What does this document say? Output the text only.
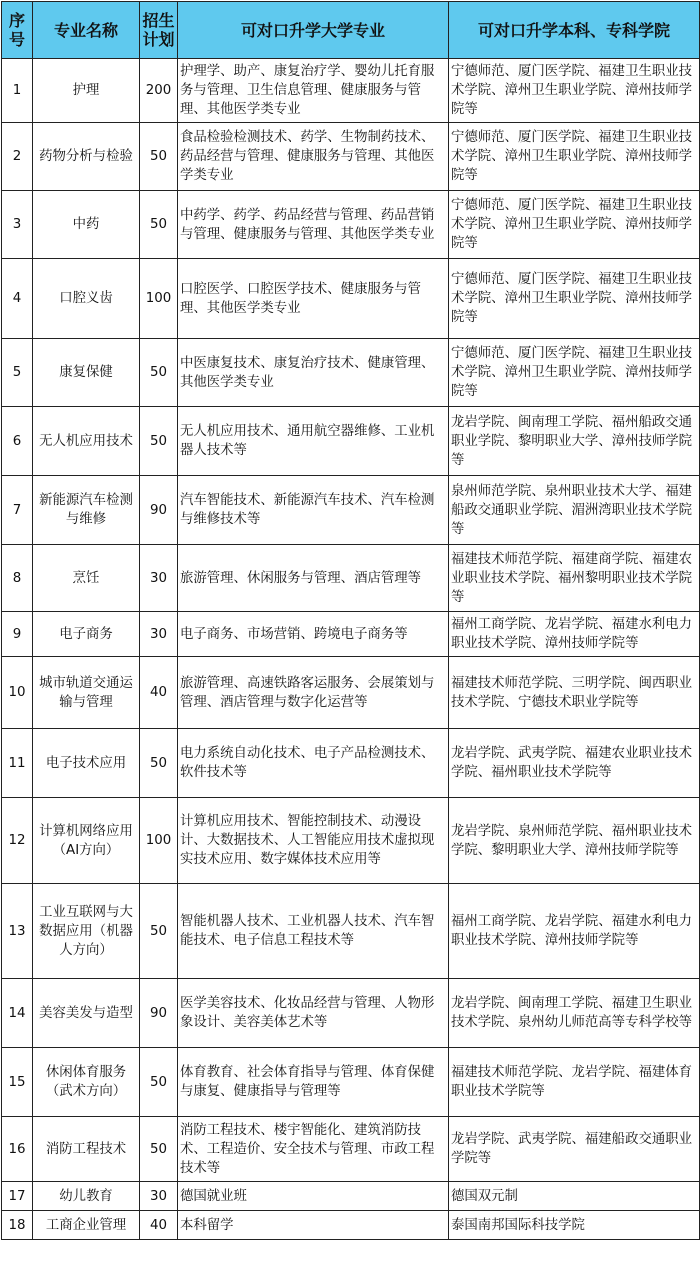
序号	专业名称	招生计划	可对口升学大学专业	可对口升学本科、专科学院
1	护理	200	护理学、助产、康复治疗学、婴幼儿托育服务与管理、卫生信息管理、健康服务与管理、其他医学类专业	宁德师范、厦门医学院、福建卫生职业技术学院、漳州卫生职业学院、漳州技师学院等
2	药物分析与检验	50	食品检验检测技术、药学、生物制药技术、药品经营与管理、健康服务与管理、其他医学类专业	宁德师范、厦门医学院、福建卫生职业技术学院、漳州卫生职业学院、漳州技师学院等
3	中药	50	中药学、药学、药品经营与管理、药品营销与管理、健康服务与管理、其他医学类专业	宁德师范、厦门医学院、福建卫生职业技术学院、漳州卫生职业学院、漳州技师学院等
4	口腔义齿	100	口腔医学、口腔医学技术、健康服务与管理、其他医学类专业	宁德师范、厦门医学院、福建卫生职业技术学院、漳州卫生职业学院、漳州技师学院等
5	康复保健	50	中医康复技术、康复治疗技术、健康管理、其他医学类专业	宁德师范、厦门医学院、福建卫生职业技术学院、漳州卫生职业学院、漳州技师学院等
6	无人机应用技术	50	无人机应用技术、通用航空器维修、工业机器人技术等	龙岩学院、闽南理工学院、福州船政交通职业学院、黎明职业大学、漳州技师学院等
7	新能源汽车检测与维修	90	汽车智能技术、新能源汽车技术、汽车检测与维修技术等	泉州师范学院、泉州职业技术大学、福建船政交通职业学院、湄洲湾职业技术学院等
8	烹饪	30	旅游管理、休闲服务与管理、酒店管理等	福建技术师范学院、福建商学院、福建农业职业技术学院、福州黎明职业技术学院等
9	电子商务	30	电子商务、市场营销、跨境电子商务等	福州工商学院、龙岩学院、福建水利电力职业技术学院、漳州技师学院等
10	城市轨道交通运输与管理	40	旅游管理、高速铁路客运服务、会展策划与管理、酒店管理与数字化运营等	福建技术师范学院、三明学院、闽西职业技术学院、宁德技术职业学院等
11	电子技术应用	50	电力系统自动化技术、电子产品检测技术、软件技术等	龙岩学院、武夷学院、福建农业职业技术学院、福州职业技术学院等
12	计算机网络应用（AI方向）	100	计算机应用技术、智能控制技术、动漫设计、大数据技术、人工智能应用技术虚拟现实技术应用、数字媒体技术应用等	龙岩学院、泉州师范学院、福州职业技术学院、黎明职业大学、漳州技师学院等
13	工业互联网与大数据应用（机器人方向）	50	智能机器人技术、工业机器人技术、汽车智能技术、电子信息工程技术等	福州工商学院、龙岩学院、福建水利电力职业技术学院、漳州技师学院等
14	美容美发与造型	90	医学美容技术、化妆品经营与管理、人物形象设计、美容美体艺术等	龙岩学院、闽南理工学院、福建卫生职业技术学院、泉州幼儿师范高等专科学校等
15	休闲体育服务（武术方向）	50	体育教育、社会体育指导与管理、体育保健与康复、健康指导与管理等	福建技术师范学院、龙岩学院、福建体育职业技术学院等
16	消防工程技术	50	消防工程技术、楼宇智能化、建筑消防技术、工程造价、安全技术与管理、市政工程技术等	龙岩学院、武夷学院、福建船政交通职业学院等
17	幼儿教育	30	德国就业班	德国双元制
18	工商企业管理	40	本科留学	泰国南邦国际科技学院
